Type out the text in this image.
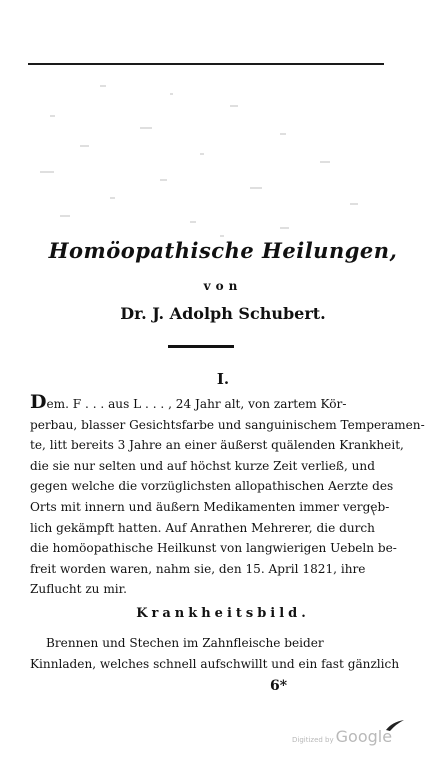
Homöopathische Heilungen,
von
Dr. J. Adolph Schubert.
I.
Dem. F . . . aus L . . . , 24 Jahr alt, von zartem Kör-
perbau, blasser Gesichtsfarbe und sanguinischem Temperamen-
te, litt bereits 3 Jahre an einer äußerst quälenden Krankheit,
die sie nur selten und auf höchst kurze Zeit verließ, und
gegen welche die vorzüglichsten allopathischen Aerzte des
Orts mit innern und äußern Medikamenten immer vergeb-
lich gekämpft hatten. Auf Anrathen Mehrerer, die durch
die homöopathische Heilkunst von langwierigen Uebeln be-
freit worden waren, nahm sie, den 15. April 1821, ihre
Zuflucht zu mir.
Krankheitsbild.
Brennen und Stechen im Zahnfleische beider
Kinnladen, welches schnell aufschwillt und ein fast gänzlich
6*
Digitized by Google
